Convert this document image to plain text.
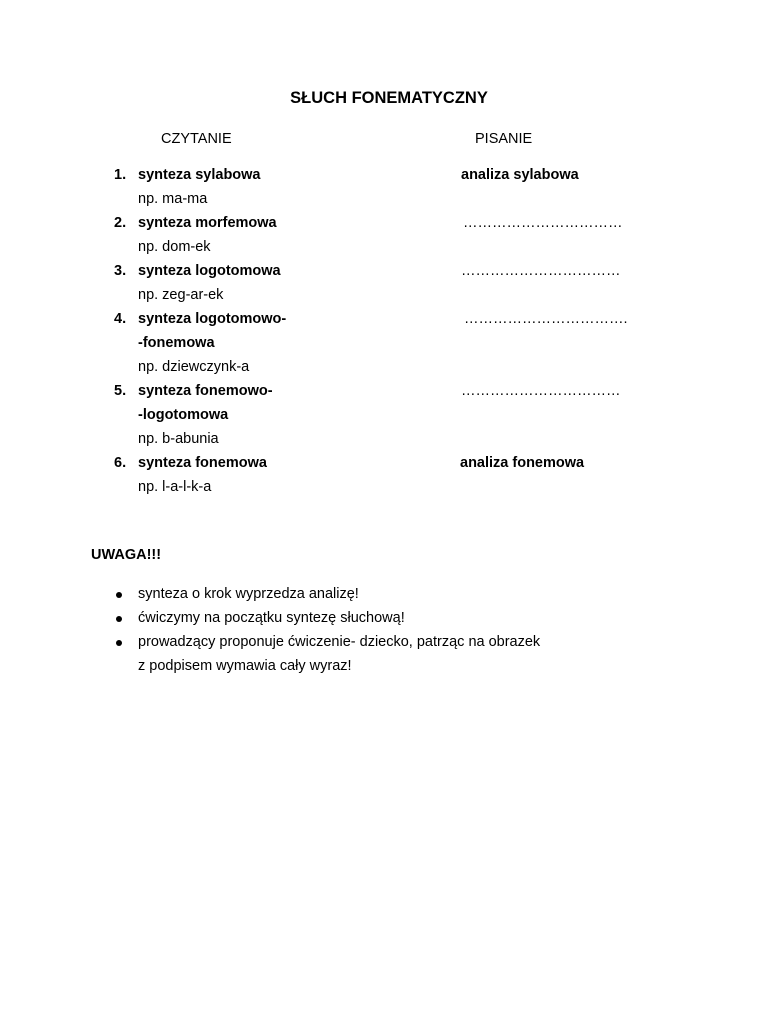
SŁUCH FONEMATYCZNY
CZYTANIE	PISANIE
1. synteza sylabowa	analiza sylabowa
np. ma-ma
2. synteza morfemowa	……………………………
np. dom-ek
3. synteza logotomowa	……………………………
np. zeg-ar-ek
4. synteza logotomowo-	…………………………….
-fonemowa
np. dziewczynk-a
5. synteza fonemowo-	……………………………
-logotomowa
np. b-abunia
6. synteza fonemowa	analiza fonemowa
np. l-a-l-k-a
UWAGA!!!
synteza o krok wyprzedza analizę!
ćwiczymy na początku syntezę słuchową!
prowadzący proponuje ćwiczenie- dziecko, patrząc na obrazek
z podpisem wymawia cały wyraz!
